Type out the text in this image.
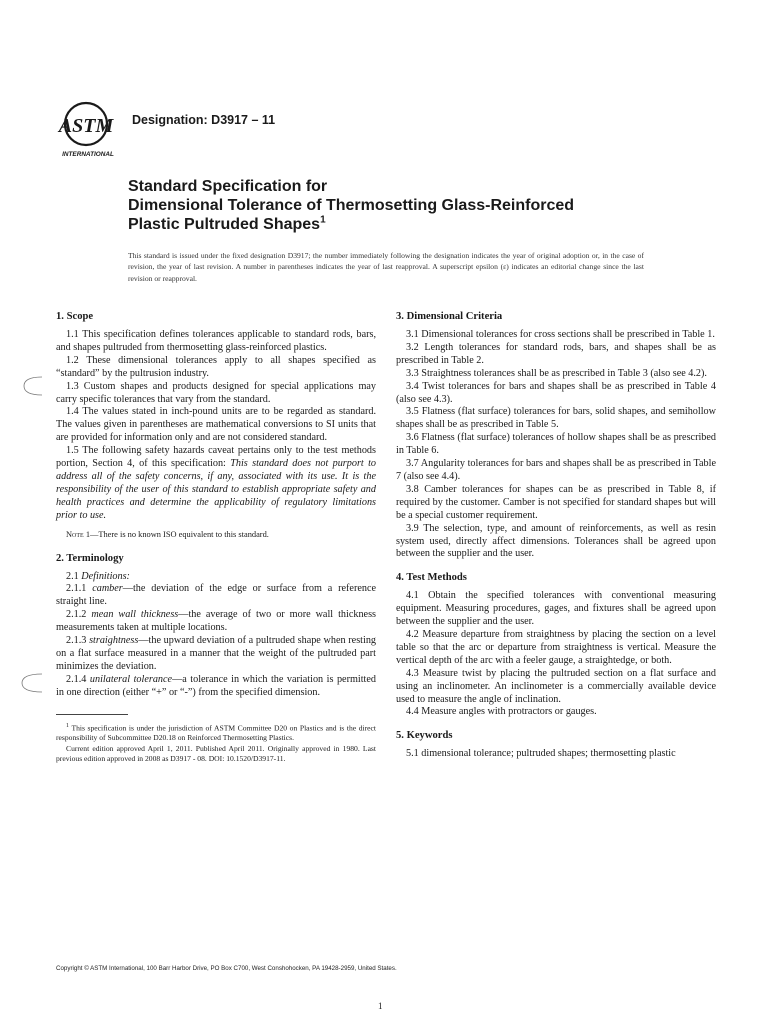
ASTM
INTERNATIONAL
Designation: D3917 – 11
Standard Specification for
Dimensional Tolerance of Thermosetting Glass-Reinforced
Plastic Pultruded Shapes$^1$
This standard is issued under the fixed designation D3917; the number immediately following the designation indicates the year of original adoption or, in the case of revision, the year of last revision. A number in parentheses indicates the year of last reapproval. A superscript epsilon (ε) indicates an editorial change since the last revision or reapproval.
1. Scope

1.1 This specification defines tolerances applicable to standard rods, bars, and shapes pultruded from thermosetting glass-reinforced plastics.

1.2 These dimensional tolerances apply to all shapes specified as “standard” by the pultrusion industry.

1.3 Custom shapes and products designed for special applications may carry specific tolerances that vary from the standard.

1.4 The values stated in inch-pound units are to be regarded as standard. The values given in parentheses are mathematical conversions to SI units that are provided for information only and are not considered standard.

1.5 The following safety hazards caveat pertains only to the test methods portion, Section 4, of this specification: This standard does not purport to address all of the safety concerns, if any, associated with its use. It is the responsibility of the user of this standard to establish appropriate safety and health practices and determine the applicability of regulatory limitations prior to use.

Note 1—There is no known ISO equivalent to this standard.

2. Terminology

2.1 Definitions:

2.1.1 camber—the deviation of the edge or surface from a reference straight line.

2.1.2 mean wall thickness—the average of two or more wall thickness measurements taken at multiple locations.

2.1.3 straightness—the upward deviation of a pultruded shape when resting on a flat surface measured in a manner that the weight of the pultruded part minimizes the deviation.

2.1.4 unilateral tolerance—a tolerance in which the variation is permitted in one direction (either “+” or “-”) from the specified dimension.

$^1$ This specification is under the jurisdiction of ASTM Committee D20 on Plastics and is the direct responsibility of Subcommittee D20.18 on Reinforced Thermosetting Plastics.

Current edition approved April 1, 2011. Published April 2011. Originally approved in 1980. Last previous edition approved in 2008 as D3917 - 08. DOI: 10.1520/D3917-11.

3. Dimensional Criteria

3.1 Dimensional tolerances for cross sections shall be prescribed in Table 1.

3.2 Length tolerances for standard rods, bars, and shapes shall be as prescribed in Table 2.

3.3 Straightness tolerances shall be as prescribed in Table 3 (also see 4.2).

3.4 Twist tolerances for bars and shapes shall be as prescribed in Table 4 (also see 4.3).

3.5 Flatness (flat surface) tolerances for bars, solid shapes, and semihollow shapes shall be as prescribed in Table 5.

3.6 Flatness (flat surface) tolerances of hollow shapes shall be as prescribed in Table 6.

3.7 Angularity tolerances for bars and shapes shall be as prescribed in Table 7 (also see 4.4).

3.8 Camber tolerances for shapes can be as prescribed in Table 8, if required by the customer. Camber is not specified for standard shapes but will be a special customer requirement.

3.9 The selection, type, and amount of reinforcements, as well as resin system used, directly affect dimensions. Tolerances shall be agreed upon between the supplier and the user.

4. Test Methods

4.1 Obtain the specified tolerances with conventional measuring equipment. Measuring procedures, gages, and fixtures shall be agreed upon between the supplier and the user.

4.2 Measure departure from straightness by placing the section on a level table so that the arc or departure from straightness is vertical. Measure the vertical depth of the arc with a feeler gauge, a straightedge, or both.

4.3 Measure twist by placing the pultruded section on a flat surface and using an inclinometer. An inclinometer is a commercially available device used to measure the angle of inclination.

4.4 Measure angles with protractors or gauges.

5. Keywords

5.1 dimensional tolerance; pultruded shapes; thermosetting plastic

Copyright © ASTM International, 100 Barr Harbor Drive, PO Box C700, West Conshohocken, PA 19428-2959, United States.
1
